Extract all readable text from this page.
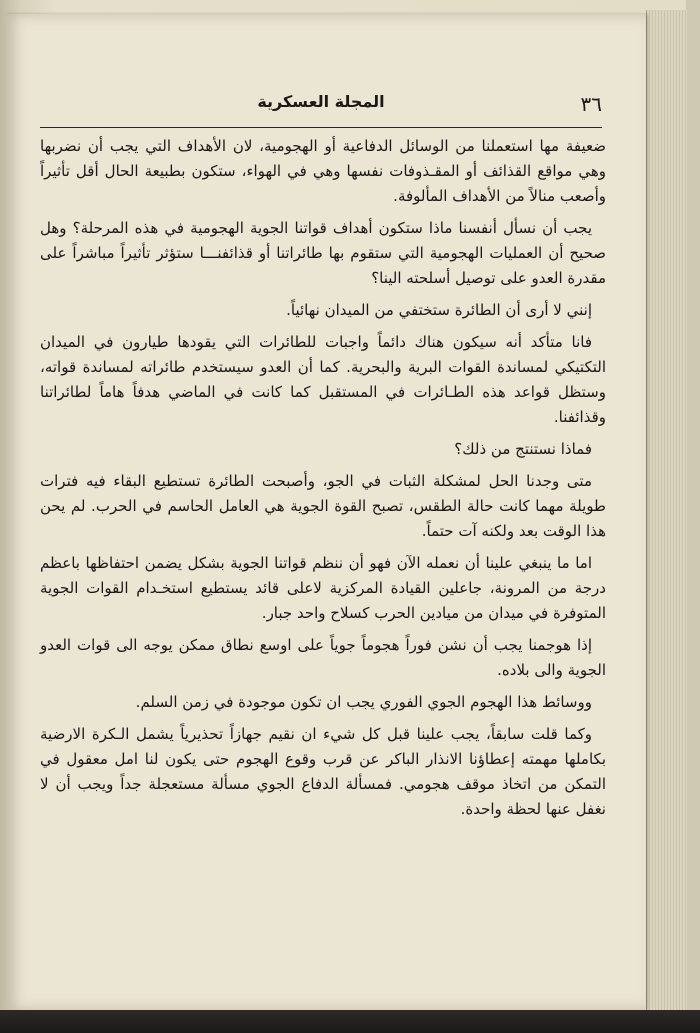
٣٦
المجلة العسكرية

ضعيفة مها استعملنا من الوسائل الدفاعية أو الهجومية، لان الأهداف التي يجب أن نضربها وهي مواقع القذائف أو المقـذوفات نفسها وهي في الهواء، ستكون بطبيعة الحال أقل تأثيراً وأصعب منالاً من الأهداف المألوفة.

يجب أن نسأل أنفسنا ماذا ستكون أهداف قواتنا الجوية الهجومية في هذه المرحلة؟ وهل صحيح أن العمليات الهجومية التي ستقوم بها طائراتنا أو قذائفنـــا ستؤثر تأثيراً مباشراً على مقدرة العدو على توصيل أسلحته الينا؟

إنني لا أرى أن الطائرة ستختفي من الميدان نهائياً.

فانا متأكد أنه سيكون هناك دائماً واجبات للطائرات التي يقودها طيارون في الميدان التكتيكي لمساندة القوات البرية والبحرية. كما أن العدو سيستخدم طائراته لمساندة قواته، وستظل قواعد هذه الطـائرات في المستقبل كما كانت في الماضي هدفاً هاماً لطائراتنا وقذائفنا.

فماذا نستنتج من ذلك؟

متى وجدنا الحل لمشكلة الثبات في الجو، وأصبحت الطائرة تستطيع البقاء فيه فترات طويلة مهما كانت حالة الطقس، تصبح القوة الجوية هي العامل الحاسم في الحرب. لم يحن هذا الوقت بعد ولكنه آت حتماً.

اما ما ينبغي علينا أن نعمله الآن فهو أن ننظم قواتنا الجوية بشكل يضمن احتفاظها باعظم درجة من المرونة، جاعلين القيادة المركزية لاعلى قائد يستطيع استخـدام القوات الجوية المتوفرة في ميدان من ميادين الحرب كسلاح واحد جبار.

إذا هوجمنا يجب أن نشن فوراً هجوماً جوياً على اوسع نطاق ممكن يوجه الى قوات العدو الجوية والى بلاده.

ووسائط هذا الهجوم الجوي الفوري يجب ان تكون موجودة في زمن السلم.

وكما قلت سابقاً، يجب علينا قبل كل شيء ان نقيم جهازاً تحذيرياً يشمل الـكرة الارضية بكاملها مهمته إعطاؤنا الانذار الباكر عن قرب وقوع الهجوم حتى يكون لنا امل معقول في التمكن من اتخاذ موقف هجومي. فمسألة الدفاع الجوي مسألة مستعجلة جداً ويجب أن لا نغفل عنها لحظة واحدة.
